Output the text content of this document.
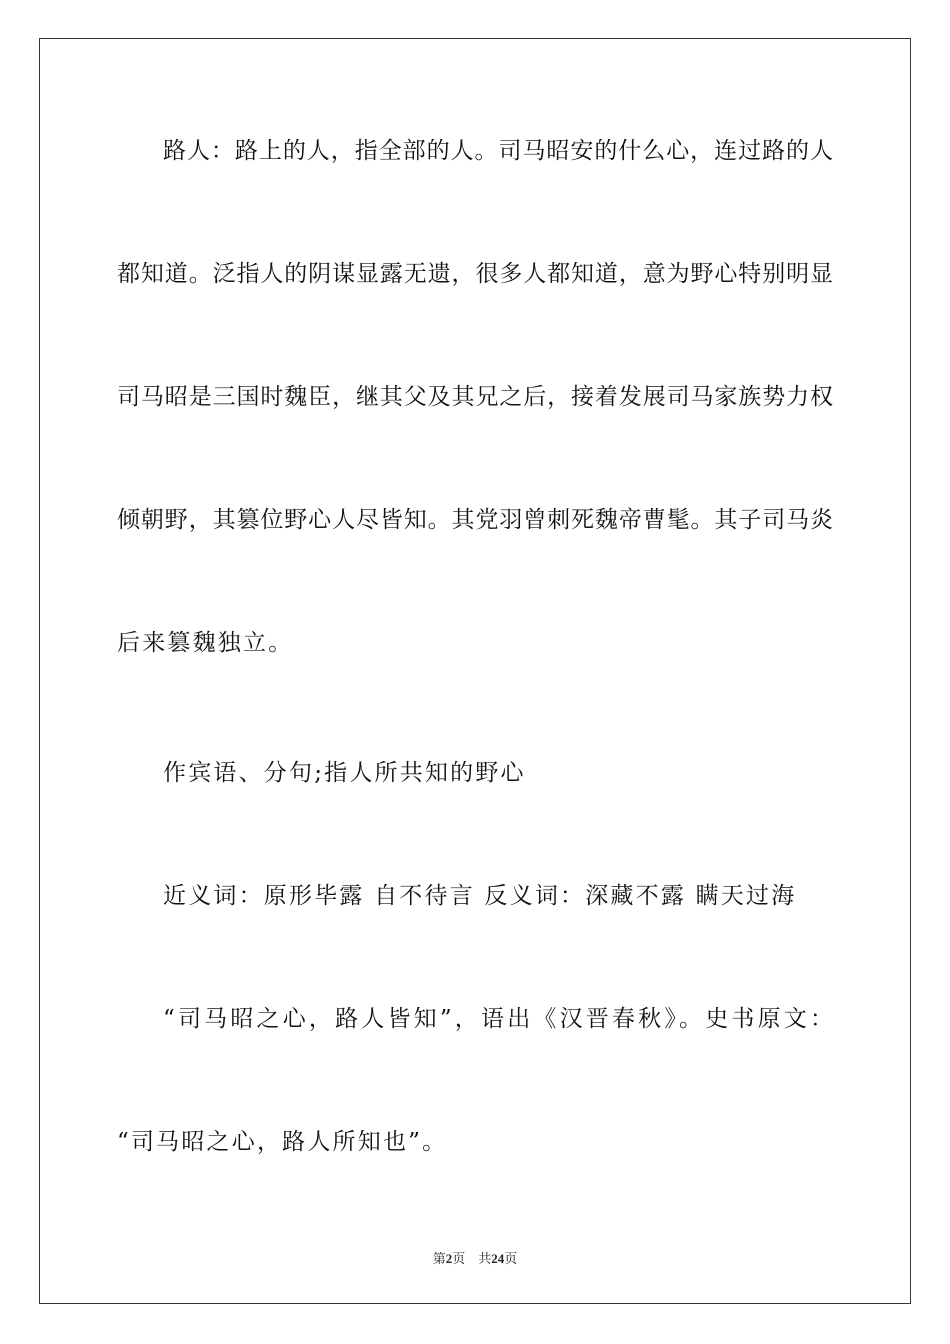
路人：路上的人，指全部的人。司马昭安的什么心，连过路的人
都知道。泛指人的阴谋显露无遗，很多人都知道，意为野心特别明显
司马昭是三国时魏臣，继其父及其兄之后，接着发展司马家族势力权
倾朝野，其篡位野心人尽皆知。其党羽曾刺死魏帝曹髦。其子司马炎
后来篡魏独立。
作宾语、分句;指人所共知的野心
近义词：原形毕露 自不待言 反义词：深藏不露 瞒天过海
“司马昭之心，路人皆知”，语出《汉晋春秋》。史书原文：
“司马昭之心，路人所知也”。
第2页 共24页
